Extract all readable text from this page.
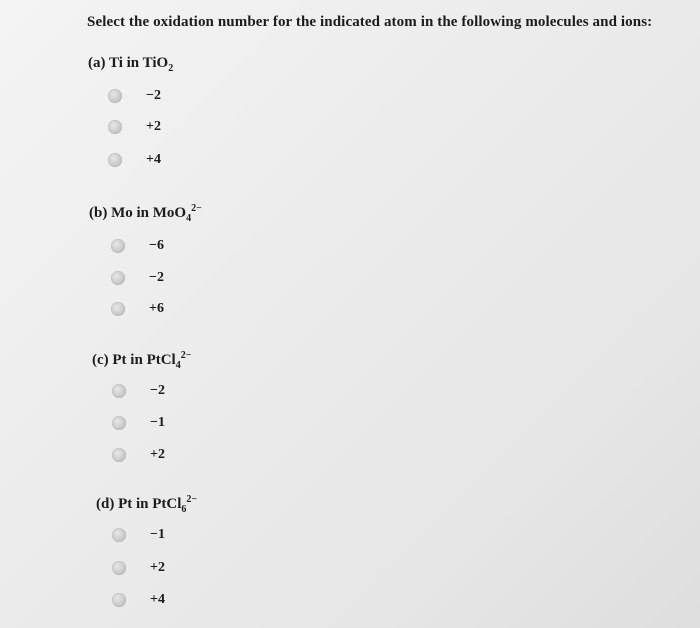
Select the oxidation number for the indicated atom in the following molecules and ions:
(a) Ti in TiO$_2$
−2
+2
+4
(b) Mo in MoO$_4^{2-}$
−6
−2
+6
(c) Pt in PtCl$_4^{2-}$
−2
−1
+2
(d) Pt in PtCl$_6^{2-}$
−1
+2
+4
